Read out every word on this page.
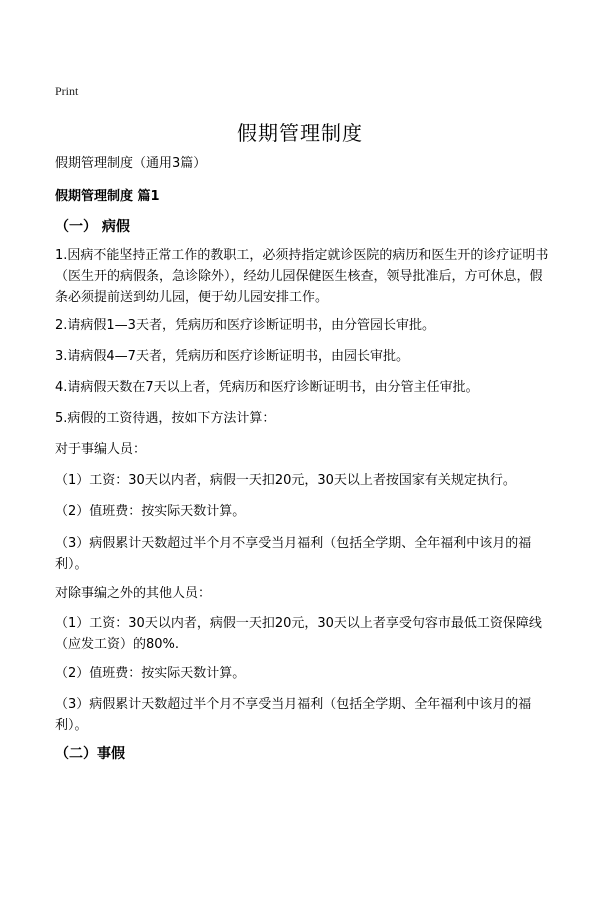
Print
假期管理制度
假期管理制度（通用3篇）
假期管理制度 篇1
（一） 病假
1.因病不能坚持正常工作的教职工，必须持指定就诊医院的病历和医生开的诊疗证明书（医生开的病假条，急诊除外），经幼儿园保健医生核查，领导批准后，方可休息，假条必须提前送到幼儿园，便于幼儿园安排工作。
2.请病假1—3天者，凭病历和医疗诊断证明书，由分管园长审批。
3.请病假4—7天者，凭病历和医疗诊断证明书，由园长审批。
4.请病假天数在7天以上者，凭病历和医疗诊断证明书，由分管主任审批。
5.病假的工资待遇，按如下方法计算：
对于事编人员：
（1）工资：30天以内者，病假一天扣20元，30天以上者按国家有关规定执行。
（2）值班费：按实际天数计算。
（3）病假累计天数超过半个月不享受当月福利（包括全学期、全年福利中该月的福利）。
对除事编之外的其他人员：
（1）工资：30天以内者，病假一天扣20元，30天以上者享受句容市最低工资保障线（应发工资）的80%.
（2）值班费：按实际天数计算。
（3）病假累计天数超过半个月不享受当月福利（包括全学期、全年福利中该月的福利）。
（二）事假
